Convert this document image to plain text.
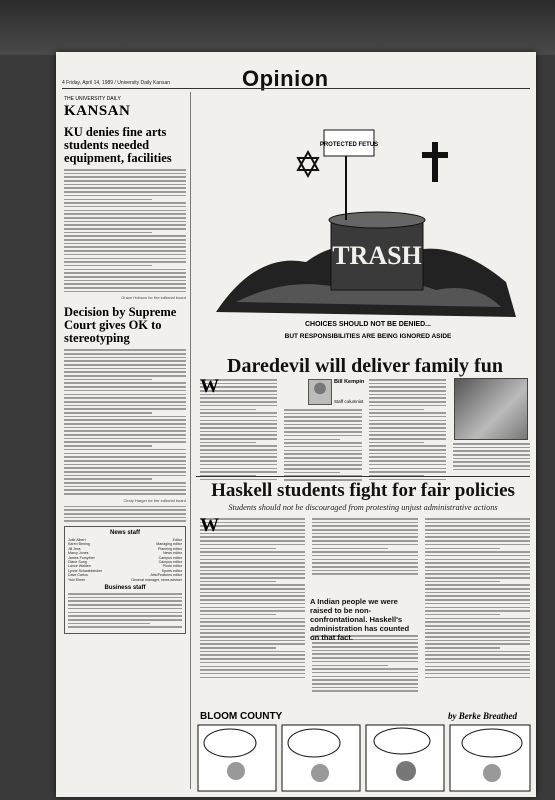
4 Friday, April 14, 1989 / University Daily Kansan	Opinion
THE UNIVERSITY DAILY
KANSAN
KU denies fine arts students needed equipment, facilities
Grace Hobson for the editorial board
Decision by Supreme Court gives OK to stereotyping
Cindy Harger for the editorial board
News staff
Julie Albert	Editor
Karen Bening	Managing editor
Jill Jess	Planning editor
Marcy Jones	News editor
James Forsyther	Campus editor
Diane Sung	Campus editor
Lance Walden	Photo editor
Lynne Schwabbecker	Sports editor
Dave Carlos	Arts/Features editor
Yuki Elmer	General manager, news adviser
Business staff
TRASH
PROTECTED FETUS
CHOICES SHOULD NOT BE DENIED...
BUT RESPONSIBILITIES ARE BEING IGNORED ASIDE
Daredevil will deliver family fun
W	Bill Kempin
Staff columnist
Haskell students fight for fair policies
Students should not be discouraged from protesting unjust administrative actions
W
A Indian people we were raised to be non-confrontational. Haskell's administration has counted on that fact.
BLOOM COUNTY	by Berke Breathed
